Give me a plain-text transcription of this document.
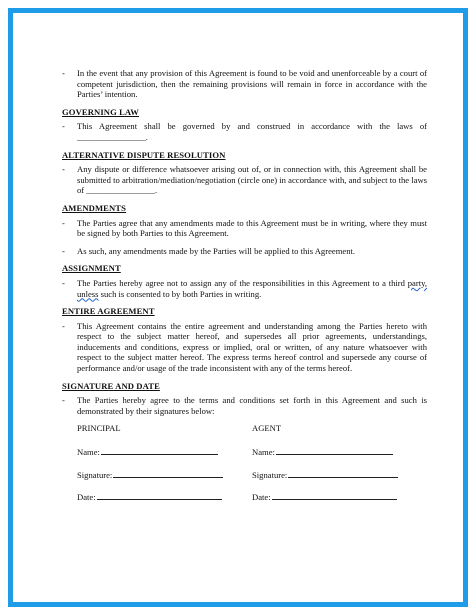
- In the event that any provision of this Agreement is found to be void and unenforceable by a court of competent jurisdiction, then the remaining provisions will remain in force in accordance with the Parties’ intention.
GOVERNING LAW
- This Agreement shall be governed by and construed in accordance with the laws of ________________.
ALTERNATIVE DISPUTE RESOLUTION
- Any dispute or difference whatsoever arising out of, or in connection with, this Agreement shall be submitted to arbitration/mediation/negotiation (circle one) in accordance with, and subject to the laws of ________________.
AMENDMENTS
- The Parties agree that any amendments made to this Agreement must be in writing, where they must be signed by both Parties to this Agreement.
- As such, any amendments made by the Parties will be applied to this Agreement.
ASSIGNMENT
- The Parties hereby agree not to assign any of the responsibilities in this Agreement to a third party, unless such is consented to by both Parties in writing.
ENTIRE AGREEMENT
- This Agreement contains the entire agreement and understanding among the Parties hereto with respect to the subject matter hereof, and supersedes all prior agreements, understandings, inducements and conditions, express or implied, oral or written, of any nature whatsoever with respect to the subject matter hereof. The express terms hereof control and supersede any course of performance and/or usage of the trade inconsistent with any of the terms hereof.
SIGNATURE AND DATE
- The Parties hereby agree to the terms and conditions set forth in this Agreement and such is demonstrated by their signatures below:
PRINCIPAL
Name:
Signature:
Date:
AGENT
Name:
Signature:
Date:
